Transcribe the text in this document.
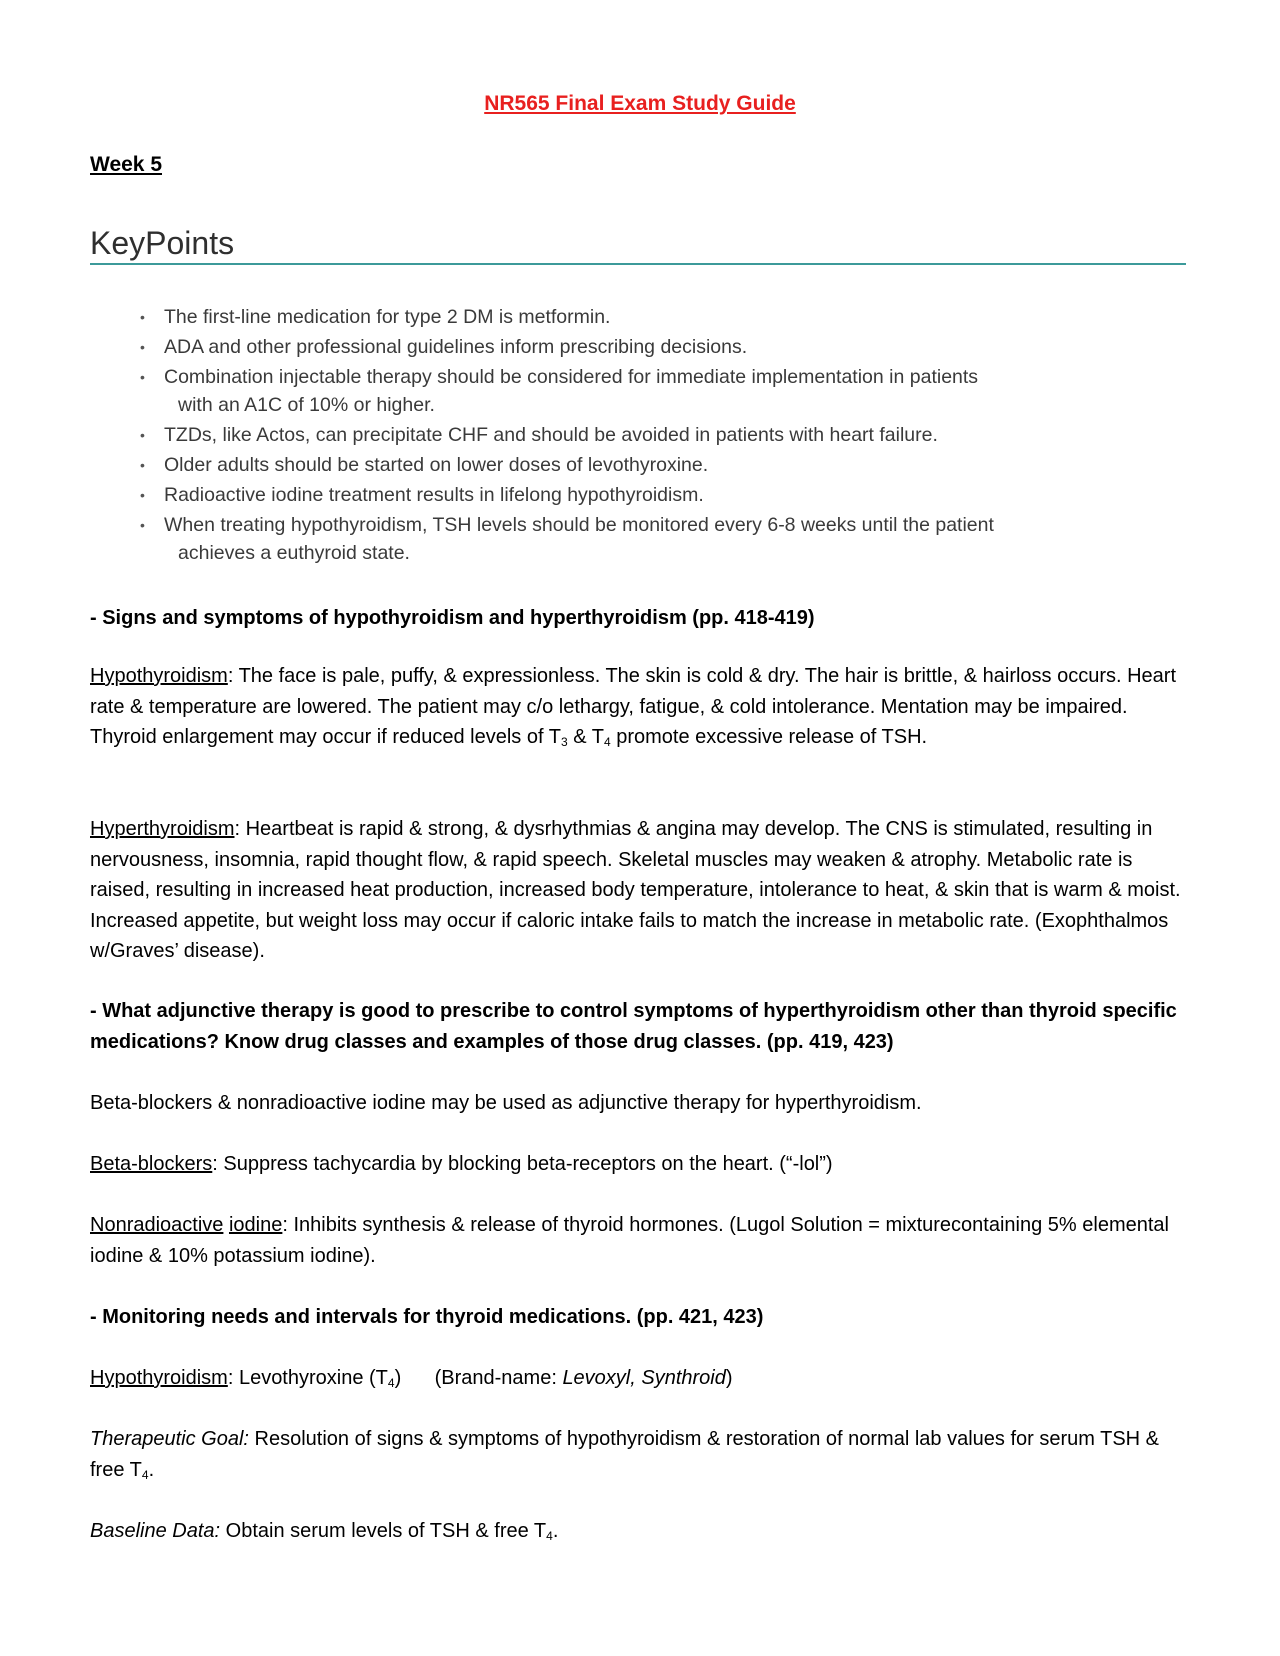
NR565 Final Exam Study Guide
Week 5
KeyPoints
• The first-line medication for type 2 DM is metformin.
• ADA and other professional guidelines inform prescribing decisions.
• Combination injectable therapy should be considered for immediate implementation in patients
with an A1C of 10% or higher.
• TZDs, like Actos, can precipitate CHF and should be avoided in patients with heart failure.
• Older adults should be started on lower doses of levothyroxine.
• Radioactive iodine treatment results in lifelong hypothyroidism.
• When treating hypothyroidism, TSH levels should be monitored every 6-8 weeks until the patient
achieves a euthyroid state.
- Signs and symptoms of hypothyroidism and hyperthyroidism (pp. 418-419)
Hypothyroidism: The face is pale, puffy, & expressionless. The skin is cold & dry. The hair is brittle, & hairloss occurs. Heart rate & temperature are lowered. The patient may c/o lethargy, fatigue, & cold intolerance. Mentation may be impaired. Thyroid enlargement may occur if reduced levels of $T_3$ & $T_4$ promote excessive release of TSH.
Hyperthyroidism: Heartbeat is rapid & strong, & dysrhythmias & angina may develop. The CNS is stimulated, resulting in nervousness, insomnia, rapid thought flow, & rapid speech. Skeletal muscles may weaken & atrophy. Metabolic rate is raised, resulting in increased heat production, increased body temperature, intolerance to heat, & skin that is warm & moist. Increased appetite, but weight loss may occur if caloric intake fails to match the increase in metabolic rate. (Exophthalmos w/Graves’ disease).
- What adjunctive therapy is good to prescribe to control symptoms of hyperthyroidism other than thyroid specific medications? Know drug classes and examples of those drug classes. (pp. 419, 423)
Beta-blockers & nonradioactive iodine may be used as adjunctive therapy for hyperthyroidism.
Beta-blockers: Suppress tachycardia by blocking beta-receptors on the heart. (“-lol”)
Nonradioactive iodine: Inhibits synthesis & release of thyroid hormones. (Lugol Solution = mixturecontaining 5% elemental iodine & 10% potassium iodine).
- Monitoring needs and intervals for thyroid medications. (pp. 421, 423)
Hypothyroidism: Levothyroxine $(T_4)$      (Brand-name: Levoxyl, Synthroid)
Therapeutic Goal: Resolution of signs & symptoms of hypothyroidism & restoration of normal lab values for serum TSH & free $T_4$.
Baseline Data: Obtain serum levels of TSH & free $T_4$.
